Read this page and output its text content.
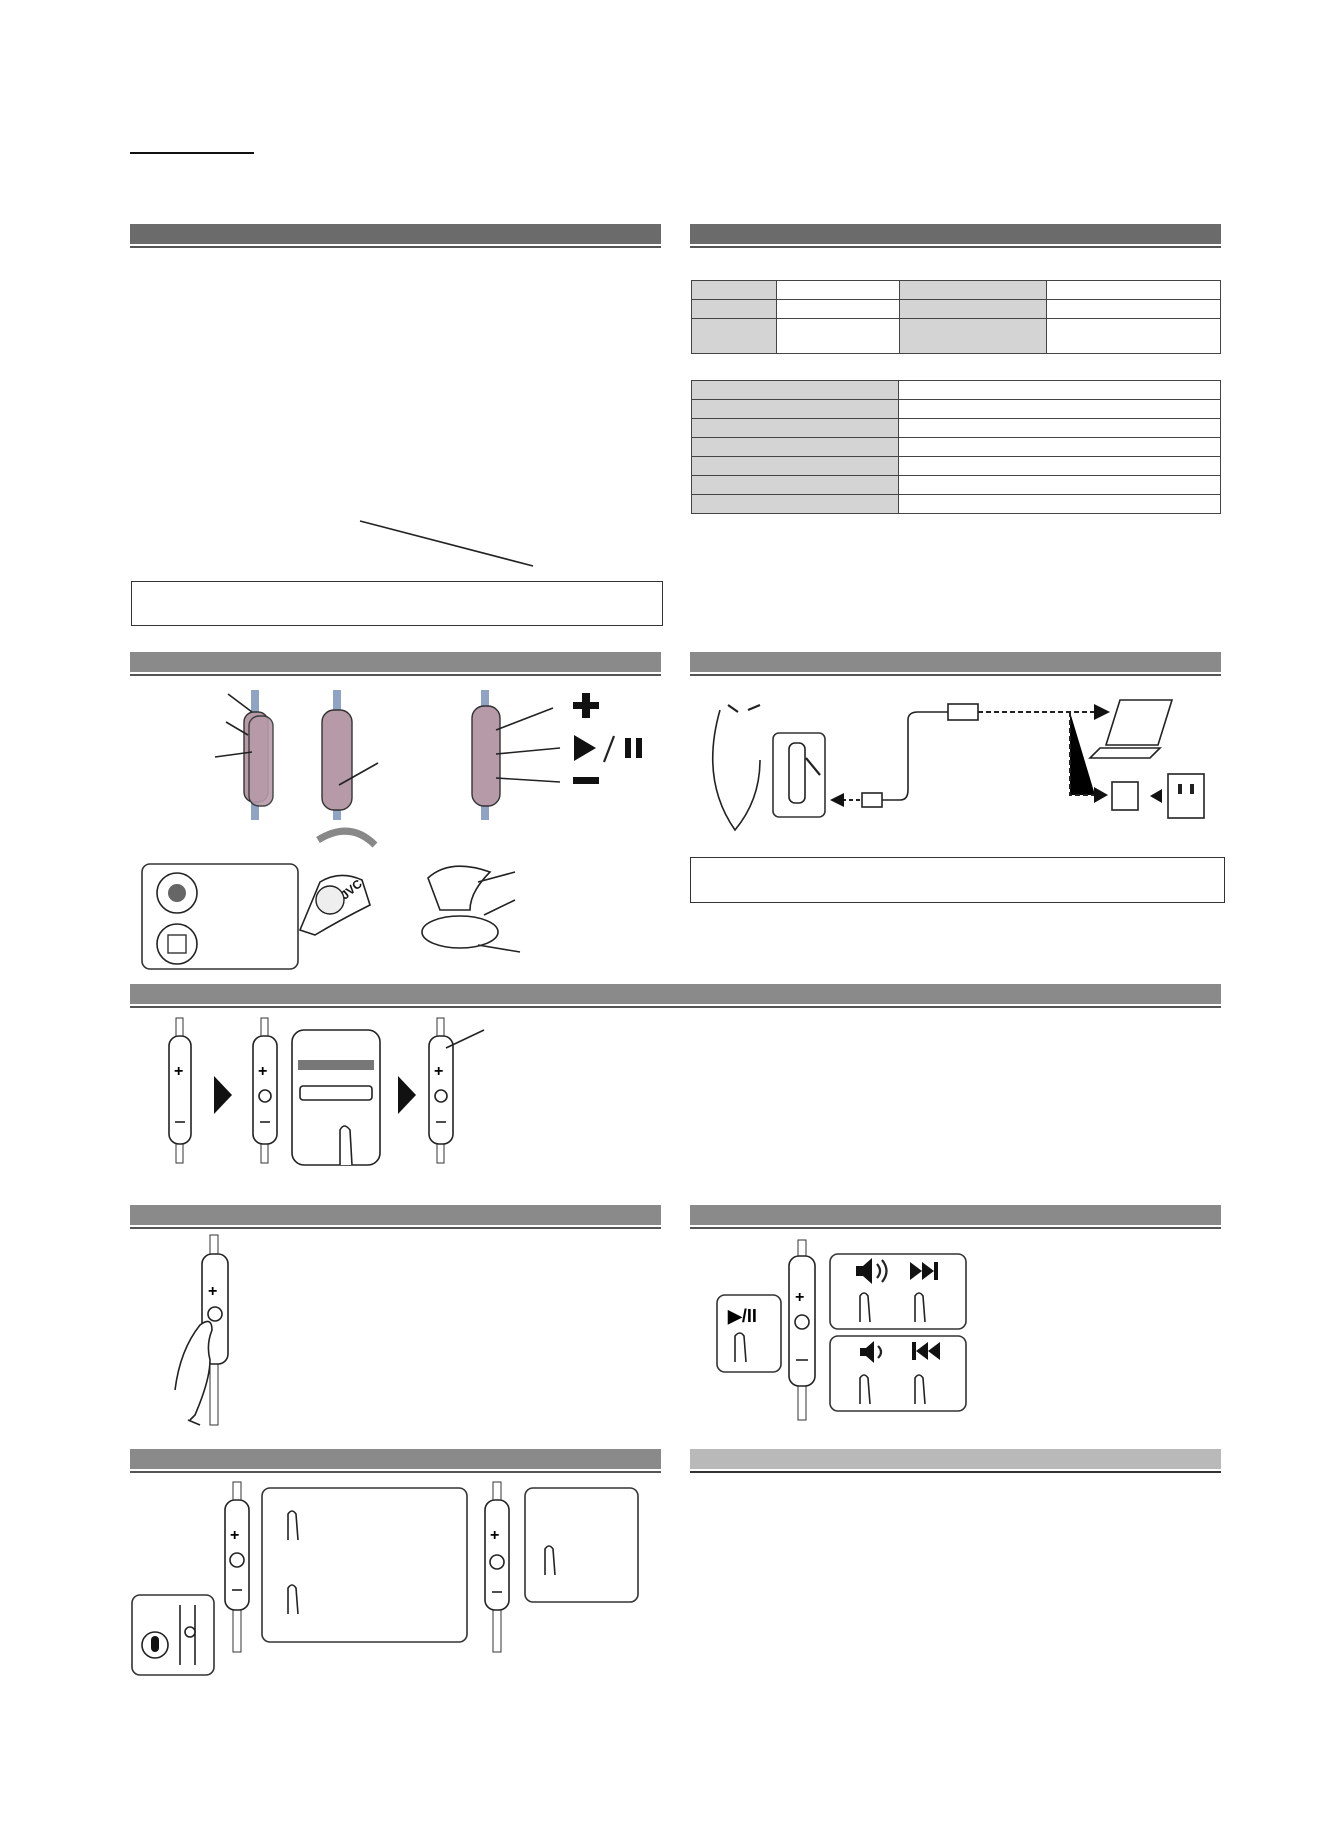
JVC
+	+	+
+	+
▶/II
+	+
